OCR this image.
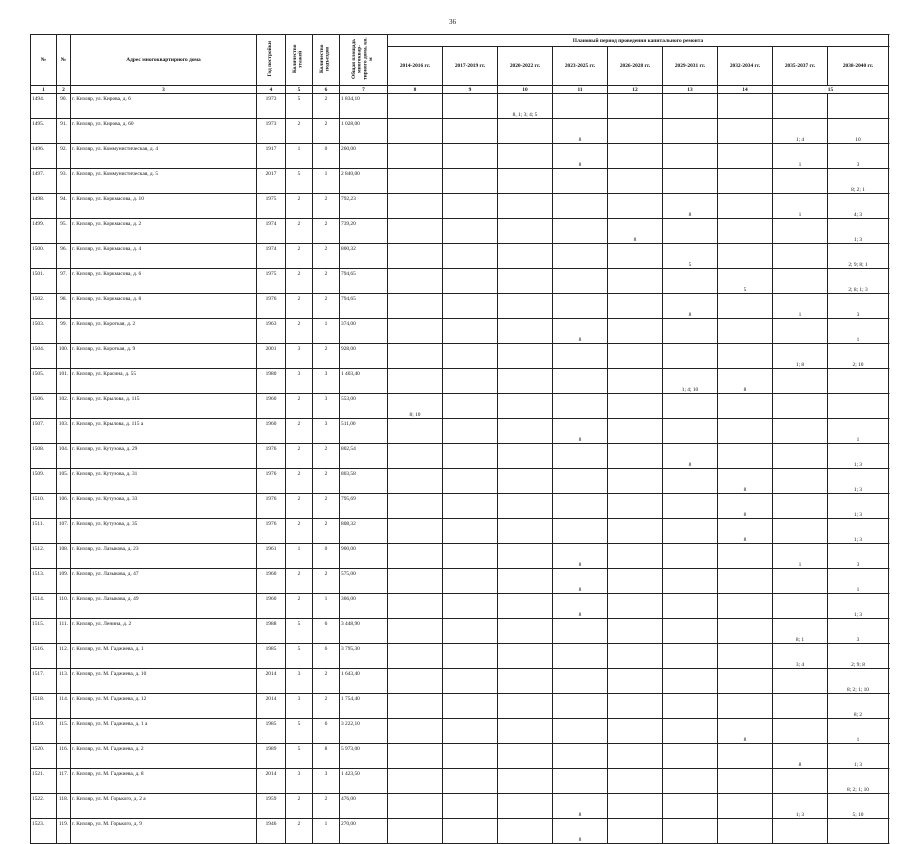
36
№	№	Адрес многоквартирного дома	Год постройки	Количество этажей	Количество подъездов	Общая площадь многоквар-тирного дома, кв. м	Плановый период проведения капитального ремонта								
							2014-2016 гг.	2017-2019 гг.	2020-2022 гг.	2023-2025 гг.	2026-2028 гг.	2029-2031 гг.	2032-2034 гг.	2035-2037 гг.	2038-2040 гг.
1	2	3	4	5	6	7	8	9	10	11	12	13	14	15	
1494.	90.	г. Кизляр, ул. Кирова, д. 6	1973	5	2	1 834,10			8, 1; 3; 4; 5						
1495.	91.	г. Кизляр, ул. Кирова, д. 60	1973	2	2	1 028,00				8				1; 4	10
1496.	92.	г. Кизляр, ул. Коммунистическая, д. 4	1917	1	0	260,00				8				1	3
1497.	93.	г. Кизляр, ул. Коммунистическая, д. 5	2017	5	1	2 840,00									8; 2; 1
1498.	94.	г. Кизляр, ул. Коркмасова, д. 10	1975	2	2	792,23						8		1	4; 3
1499.	95.	г. Кизляр, ул. Коркмасова, д. 2	1974	2	2	739,20					8				1; 3
1500.	96.	г. Кизляр, ул. Коркмасова, д. 4	1974	2	2	800,32						5			2; 9; 8; 1
1501.	97.	г. Кизляр, ул. Коркмасова, д. 6	1975	2	2	794,65							5		2; 8; 1; 3
1502.	98.	г. Кизляр, ул. Коркмасова, д. 8	1976	2	2	794,65						8		1	3
1503.	99.	г. Кизляр, ул. Короткая, д. 2	1963	2	1	374,00				8					1
1504.	100.	г. Кизляр, ул. Короткая, д. 9	2001	3	2	928,00								1; 8	2; 10
1505.	101.	г. Кизляр, ул. Красина, д. 55	1980	3	3	1 403,40						1; 4; 10	8		
1506.	102.	г. Кизляр, ул. Крылова, д. 115	1960	2	3	553,00	8; 10								
1507.	103.	г. Кизляр, ул. Крылова, д. 115 а	1960	2	3	511,00				8					1
1508.	104.	г. Кизляр, ул. Кутузова, д. 29	1976	2	2	802,54						8			1; 3
1509.	105.	г. Кизляр, ул. Кутузова, д. 31	1976	2	2	803,58							8		1; 3
1510.	106.	г. Кизляр, ул. Кутузова, д. 33	1976	2	2	795,69							8		1; 3
1511.	107.	г. Кизляр, ул. Кутузова, д. 35	1976	2	2	808,32							8		1; 3
1512.	108.	г. Кизляр, ул. Лазыкова, д. 23	1961	1	0	900,00				8				1	3
1513.	109.	г. Кизляр, ул. Лазыкова, д. 47	1960	2	2	575,00				8					1
1514.	110.	г. Кизляр, ул. Лазыкова, д. 49	1960	2	1	366,00				8					1; 3
1515.	111.	г. Кизляр, ул. Ленина, д. 2	1988	5	6	3 448,90								8; 1	3
1516.	112.	г. Кизляр, ул. М. Гаджиева, д. 1	1985	5	6	3 795,30								3; 4	2; 9; 8
1517.	113.	г. Кизляр, ул. М. Гаджиева, д. 10	2014	3	2	1 643,40									8; 2; 1; 10
1518.	114.	г. Кизляр, ул. М. Гаджиева, д. 12	2014	3	2	1 754,40									8; 2
1519.	115.	г. Кизляр, ул. М. Гаджиева, д. 1 а	1985	5	6	3 222,10							8		1
1520.	116.	г. Кизляр, ул. М. Гаджиева, д. 2	1989	5	8	5 973,00								8	1; 3
1521.	117.	г. Кизляр, ул. М. Гаджиева, д. 8	2014	3	3	1 423,50									8; 2; 1; 10
1522.	118.	г. Кизляр, ул. М. Горького, д. 2 а	1959	2	2	476,00				8				1; 3	5; 10
1523.	119.	г. Кизляр, ул. М. Горького, д. 9	1946	2	1	270,00				8					
